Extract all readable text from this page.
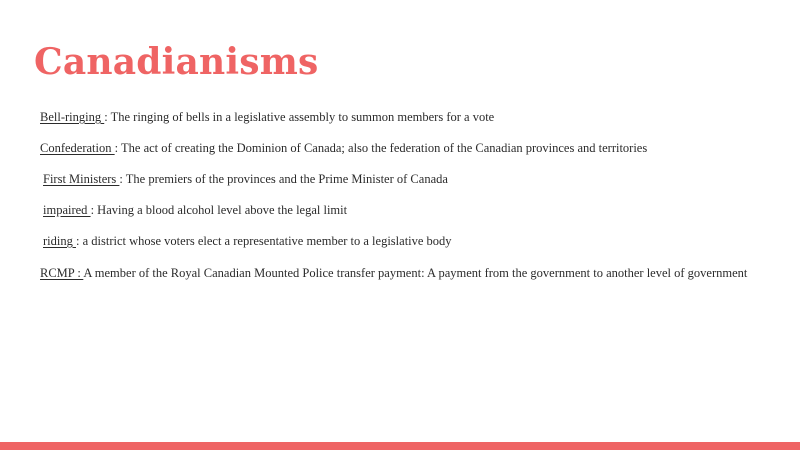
Canadianisms

Bell-ringing : The ringing of bells in a legislative assembly to summon members for a vote

Confederation : The act of creating the Dominion of Canada; also the federation of the Canadian provinces and territories

First Ministers : The premiers of the provinces and the Prime Minister of Canada

impaired : Having a blood alcohol level above the legal limit

riding : a district whose voters elect a representative member to a legislative body

RCMP : A member of the Royal Canadian Mounted Police transfer payment: A payment from the government to another level of government
